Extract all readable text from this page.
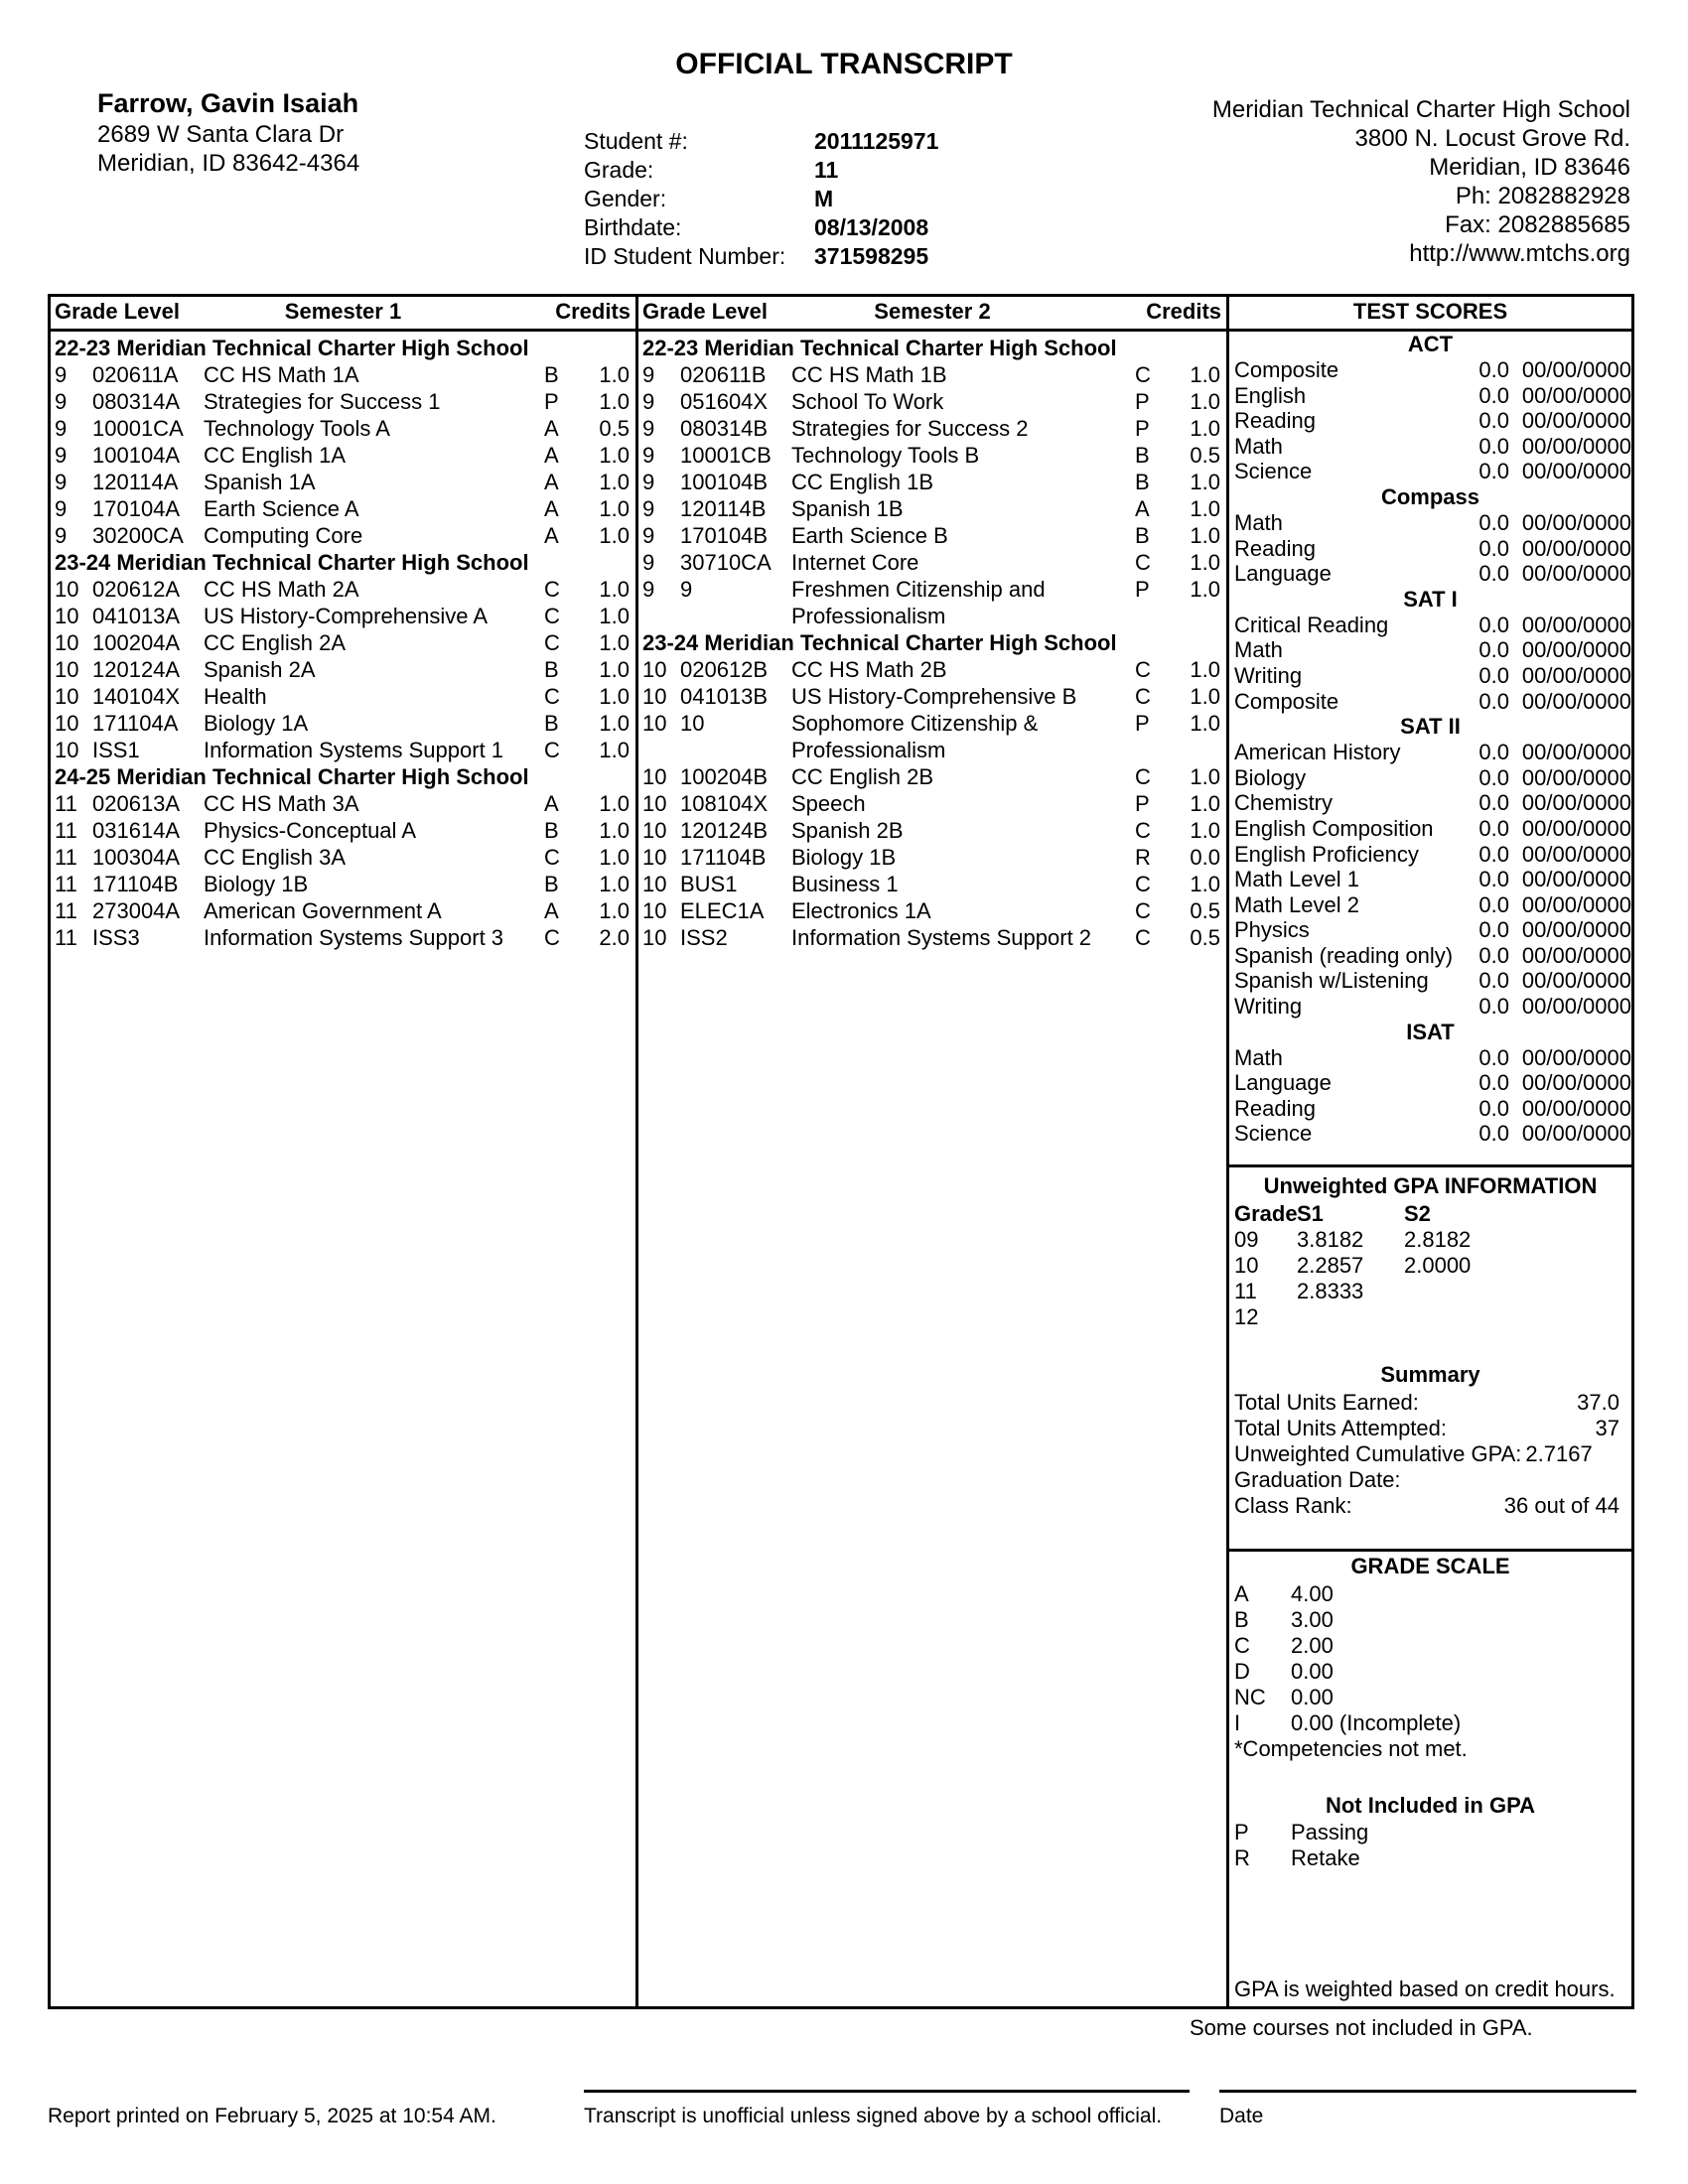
OFFICIAL TRANSCRIPT
Farrow, Gavin Isaiah
2689 W Santa Clara Dr
Meridian, ID 83642-4364
Student #:	2011125971
Grade:	11
Gender:	M
Birthdate:	08/13/2008
ID Student Number:	371598295
Meridian Technical Charter High School
3800 N. Locust Grove Rd.
Meridian, ID 83646
Ph: 2082882928
Fax: 2082885685
http://www.mtchs.org
Grade Level	Semester 1	Credits
22-23 Meridian Technical Charter High School
9	020611A	CC HS Math 1A	B	1.0
9	080314A	Strategies for Success 1	P	1.0
9	10001CA Technology Tools A	A	0.5
9	100104A	CC English 1A	A	1.0
9	120114A	Spanish 1A	A	1.0
9	170104A	Earth Science A	A	1.0
9	30200CA Computing Core	A	1.0
23-24 Meridian Technical Charter High School
10 020612A	CC HS Math 2A	C	1.0
10 041013A	US History-Comprehensive A	C	1.0
10 100204A	CC English 2A	C	1.0
10 120124A	Spanish 2A	B	1.0
10 140104X	Health	C	1.0
10 171104A	Biology 1A	B	1.0
10 ISS1	Information Systems Support 1	C	1.0
24-25 Meridian Technical Charter High School
11 020613A	CC HS Math 3A	A	1.0
11 031614A	Physics-Conceptual A	B	1.0
11 100304A	CC English 3A	C	1.0
11 171104B	Biology 1B	B	1.0
11 273004A	American Government A	A	1.0
11 ISS3	Information Systems Support 3	C	2.0
Grade Level	Semester 2	Credits
22-23 Meridian Technical Charter High School
9	020611B	CC HS Math 1B	C	1.0
9	051604X	School To Work	P	1.0
9	080314B	Strategies for Success 2	P	1.0
9	10001CB Technology Tools B	B	0.5
9	100104B	CC English 1B	B	1.0
9	120114B	Spanish 1B	A	1.0
9	170104B	Earth Science B	B	1.0
9	30710CA Internet Core	C	1.0
9	9	Freshmen Citizenship and	P	1.0
Professionalism
23-24 Meridian Technical Charter High School
10 020612B	CC HS Math 2B	C	1.0
10 041013B	US History-Comprehensive B	C	1.0
10 10	Sophomore Citizenship &	P	1.0
Professionalism
10 100204B	CC English 2B	C	1.0
10 108104X	Speech	P	1.0
10 120124B	Spanish 2B	C	1.0
10 171104B	Biology 1B	R	0.0
10 BUS1	Business 1	C	1.0
10 ELEC1A	Electronics 1A	C	0.5
10 ISS2	Information Systems Support 2	C	0.5
TEST SCORES
ACT
Composite	0.0 00/00/0000
English	0.0 00/00/0000
Reading	0.0 00/00/0000
Math	0.0 00/00/0000
Science	0.0 00/00/0000
Compass
Math	0.0 00/00/0000
Reading	0.0 00/00/0000
Language	0.0 00/00/0000
SAT I
Critical Reading	0.0 00/00/0000
Math	0.0 00/00/0000
Writing	0.0 00/00/0000
Composite	0.0 00/00/0000
SAT II
American History	0.0 00/00/0000
Biology	0.0 00/00/0000
Chemistry	0.0 00/00/0000
English Composition	0.0 00/00/0000
English Proficiency	0.0 00/00/0000
Math Level 1	0.0 00/00/0000
Math Level 2	0.0 00/00/0000
Physics	0.0 00/00/0000
Spanish (reading only)	0.0 00/00/0000
Spanish w/Listening	0.0 00/00/0000
Writing	0.0 00/00/0000
ISAT
Math	0.0 00/00/0000
Language	0.0 00/00/0000
Reading	0.0 00/00/0000
Science	0.0 00/00/0000
Unweighted GPA INFORMATION
Grade S1	S2
09	3.8182	2.8182
10	2.2857	2.0000
11	2.8333
12
Summary
Total Units Earned:	37.0
Total Units Attempted:	37
Unweighted Cumulative GPA: 2.7167
Graduation Date:
Class Rank:	36 out of 44
GRADE SCALE
A	4.00
B	3.00
C	2.00
D	0.00
NC	0.00
I	0.00 (Incomplete)
*Competencies not met.
Not Included in GPA
P	Passing
R	Retake
GPA is weighted based on credit hours.
Some courses not included in GPA.
Report printed on February 5, 2025 at 10:54 AM.	Transcript is unofficial unless signed above by a school official.	Date
